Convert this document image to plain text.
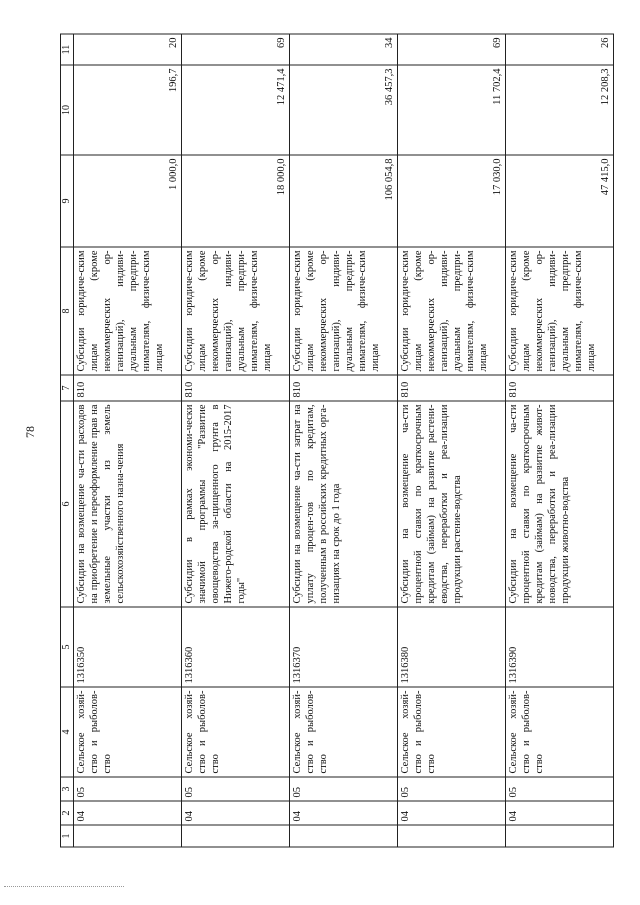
78
1	2	3	4	5	6	7	8	9	10	11
	04	05	Сельское хозяй-ство и рыболов-ство	1316350	Субсидии на возмещение ча-сти расходов на приобретение и переоформление прав на земельные участки из земель сельскохозяйственного назна-чения	810	Субсидии юридиче-ским лицам (кроме некоммерческих ор-ганизаций), индиви-дуальным предпри-нимателям, физиче-ским лицам	1 000,0	196,7	20
	04	05	Сельское хозяй-ство и рыболов-ство	1316360	Субсидии в рамках экономи-чески значимой программы "Развитие овощеводства за-щищенного грунта в Нижего-родской области на 2015-2017 годы"	810	Субсидии юридиче-ским лицам (кроме некоммерческих ор-ганизаций), индиви-дуальным предпри-нимателям, физиче-ским лицам	18 000,0	12 471,4	69
	04	05	Сельское хозяй-ство и рыболов-ство	1316370	Субсидии на возмещение ча-сти затрат на уплату процен-тов по кредитам, полученным в российских кредитных орга-низациях на срок до 1 года	810	Субсидии юридиче-ским лицам (кроме некоммерческих ор-ганизаций), индиви-дуальным предпри-нимателям, физиче-ским лицам	106 054,8	36 457,3	34
	04	05	Сельское хозяй-ство и рыболов-ство	1316380	Субсидии на возмещение ча-сти процентной ставки по краткосрочным кредитам (займам) на развитие растени-еводства, переработки и реа-лизации продукции растение-водства	810	Субсидии юридиче-ским лицам (кроме некоммерческих ор-ганизаций), индиви-дуальным предпри-нимателям, физиче-ским лицам	17 030,0	11 702,4	69
	04	05	Сельское хозяй-ство и рыболов-ство	1316390	Субсидии на возмещение ча-сти процентной ставки по краткосрочным кредитам (займам) на развитие живот-новодства, переработки и реа-лизации продукции животно-водства	810	Субсидии юридиче-ским лицам (кроме некоммерческих ор-ганизаций), индиви-дуальным предпри-нимателям, физиче-ским лицам	47 415,0	12 208,3	26
